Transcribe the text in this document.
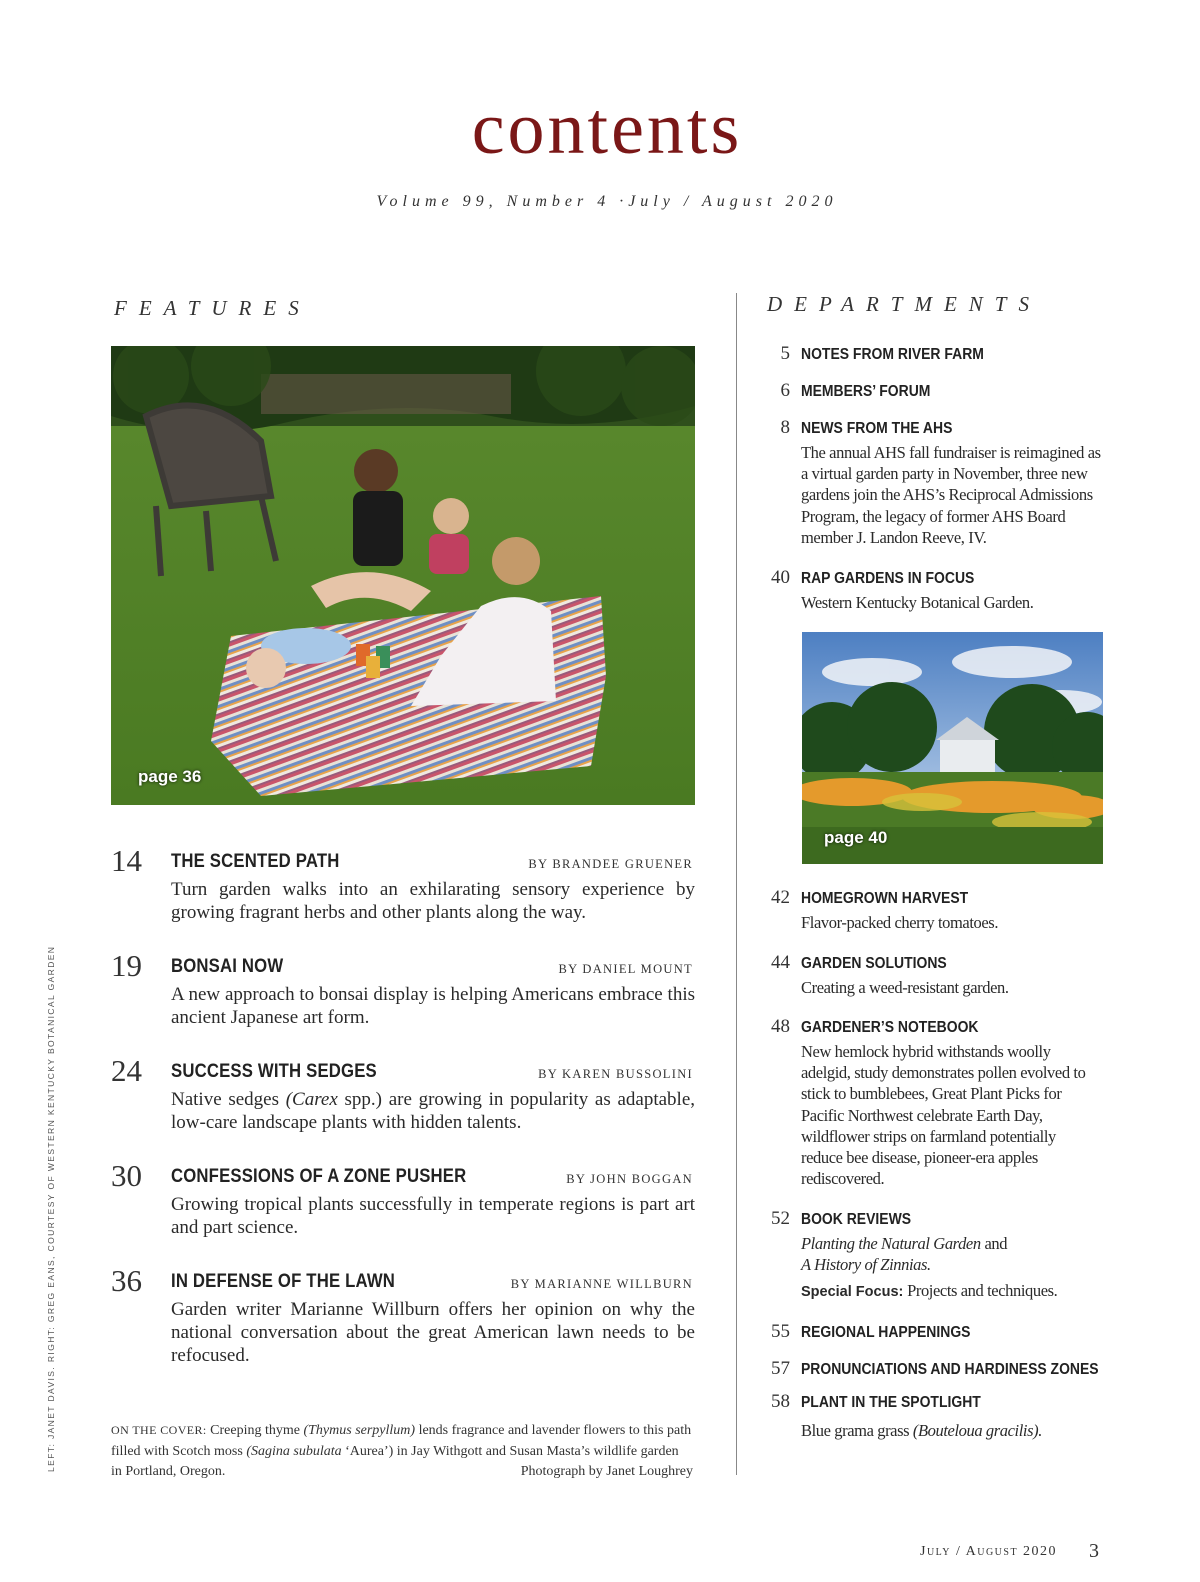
contents
Volume 99, Number 4 ·July / August 2020
FEATURES	DEPARTMENTS
page 36
page 40
14 THE SCENTED PATH	BY BRANDEE GRUENER
Turn garden walks into an exhilarating sensory experience by growing fragrant herbs and other plants along the way.
19 BONSAI NOW	BY DANIEL MOUNT
A new approach to bonsai display is helping Americans embrace this ancient Japanese art form.
24 SUCCESS WITH SEDGES	BY KAREN BUSSOLINI
Native sedges (Carex spp.) are growing in popularity as adaptable, low-care landscape plants with hidden talents.
30 CONFESSIONS OF A ZONE PUSHER	BY JOHN BOGGAN
Growing tropical plants successfully in temperate regions is part art and part science.
36 IN DEFENSE OF THE LAWN	BY MARIANNE WILLBURN
Garden writer Marianne Willburn offers her opinion on why the national conversation about the great American lawn needs to be refocused.
ON THE COVER: Creeping thyme (Thymus serpyllum) lends fragrance and lavender flowers to this path filled with Scotch moss (Sagina subulata ‘Aurea’) in Jay Withgott and Susan Masta’s wildlife garden in Portland, Oregon.	Photograph by Janet Loughrey
5 NOTES FROM RIVER FARM
6 MEMBERS’ FORUM
8 NEWS FROM THE AHS
The annual AHS fall fundraiser is reimagined as a virtual garden party in November, three new gardens join the AHS’s Reciprocal Admissions Program, the legacy of former AHS Board member J. Landon Reeve, IV.
40 RAP GARDENS IN FOCUS
Western Kentucky Botanical Garden.
42 HOMEGROWN HARVEST
Flavor-packed cherry tomatoes.
44 GARDEN SOLUTIONS
Creating a weed-resistant garden.
48 GARDENER’S NOTEBOOK
New hemlock hybrid withstands woolly adelgid, study demonstrates pollen evolved to stick to bumblebees, Great Plant Picks for Pacific Northwest celebrate Earth Day, wildflower strips on farmland potentially reduce bee disease, pioneer-era apples rediscovered.
52 BOOK REVIEWS
Planting the Natural Garden and
A History of Zinnias.
Special Focus: Projects and techniques.
55 REGIONAL HAPPENINGS
57 PRONUNCIATIONS AND HARDINESS ZONES
58 PLANT IN THE SPOTLIGHT
Blue grama grass (Bouteloua gracilis).
LEFT: JANET DAVIS. RIGHT: GREG EANS, COURTESY OF WESTERN KENTUCKY BOTANICAL GARDEN
July / August 2020 3
